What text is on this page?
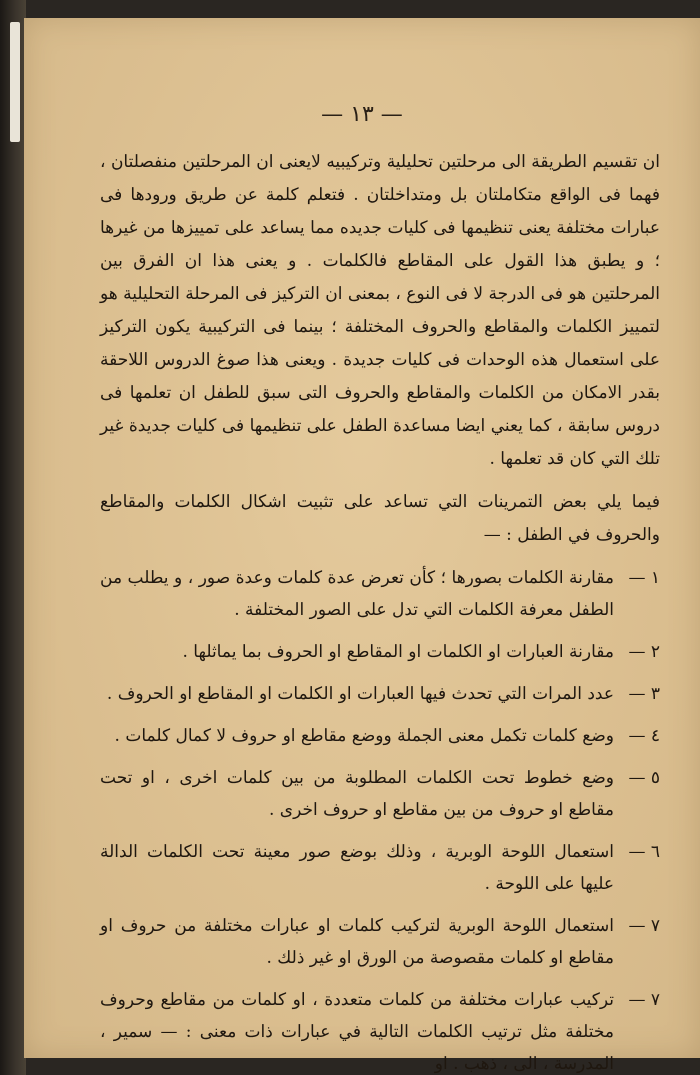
— ١٣ —

ان تقسيم الطريقة الى مرحلتين تحليلية وتركيبيه لايعنى ان المرحلتين منفصلتان ، فهما فى الواقع متكاملتان بل ومتداخلتان . فتعلم كلمة عن طريق ورودها فى عبارات مختلفة يعنى تنظيمها فى كليات جديده مما يساعد على تمييزها من غيرها ؛ و يطبق هذا القول على المقاطع فالكلمات . و يعنى هذا ان الفرق بين المرحلتين هو فى الدرجة لا فى النوع ، بمعنى ان التركيز فى المرحلة التحليلية هو لتمييز الكلمات والمقاطع والحروف المختلفة ؛ بينما فى التركيبية يكون التركيز على استعمال هذه الوحدات فى كليات جديدة . ويعنى هذا صوغ الدروس اللاحقة بقدر الامكان من الكلمات والمقاطع والحروف التى سبق للطفل ان تعلمها فى دروس سابقة ، كما يعني ايضا مساعدة الطفل على تنظيمها فى كليات جديدة غير تلك التي كان قد تعلمها .

فيما يلي بعض التمرينات التي تساعد على تثبيت اشكال الكلمات والمقاطع والحروف في الطفل : —

١ —
مقارنة الكلمات بصورها ؛ كأن تعرض عدة كلمات وعدة صور ، و يطلب من الطفل معرفة الكلمات التي تدل على الصور المختلفة .
٢ —
مقارنة العبارات او الكلمات او المقاطع او الحروف بما يماثلها .
٣ —
عدد المرات التي تحدث فيها العبارات او الكلمات او المقاطع او الحروف .
٤ —
وضع كلمات تكمل معنى الجملة ووضع مقاطع او حروف لا كمال كلمات .
٥ —
وضع خطوط تحت الكلمات المطلوبة من بين كلمات اخرى ، او تحت مقاطع او حروف من بين مقاطع او حروف اخرى .
٦ —
استعمال اللوحة الوبرية ، وذلك بوضع صور معينة تحت الكلمات الدالة عليها على اللوحة .
٧ —
استعمال اللوحة الوبرية لتركيب كلمات او عبارات مختلفة من حروف او مقاطع او كلمات مقصوصة من الورق او غير ذلك .
٧ —
تركيب عبارات مختلفة من كلمات متعددة ، او كلمات من مقاطع وحروف مختلفة مثل ترتيب الكلمات التالية في عبارات ذات معنى : — سمير ، المدرسة ، الى ، ذهب . او
